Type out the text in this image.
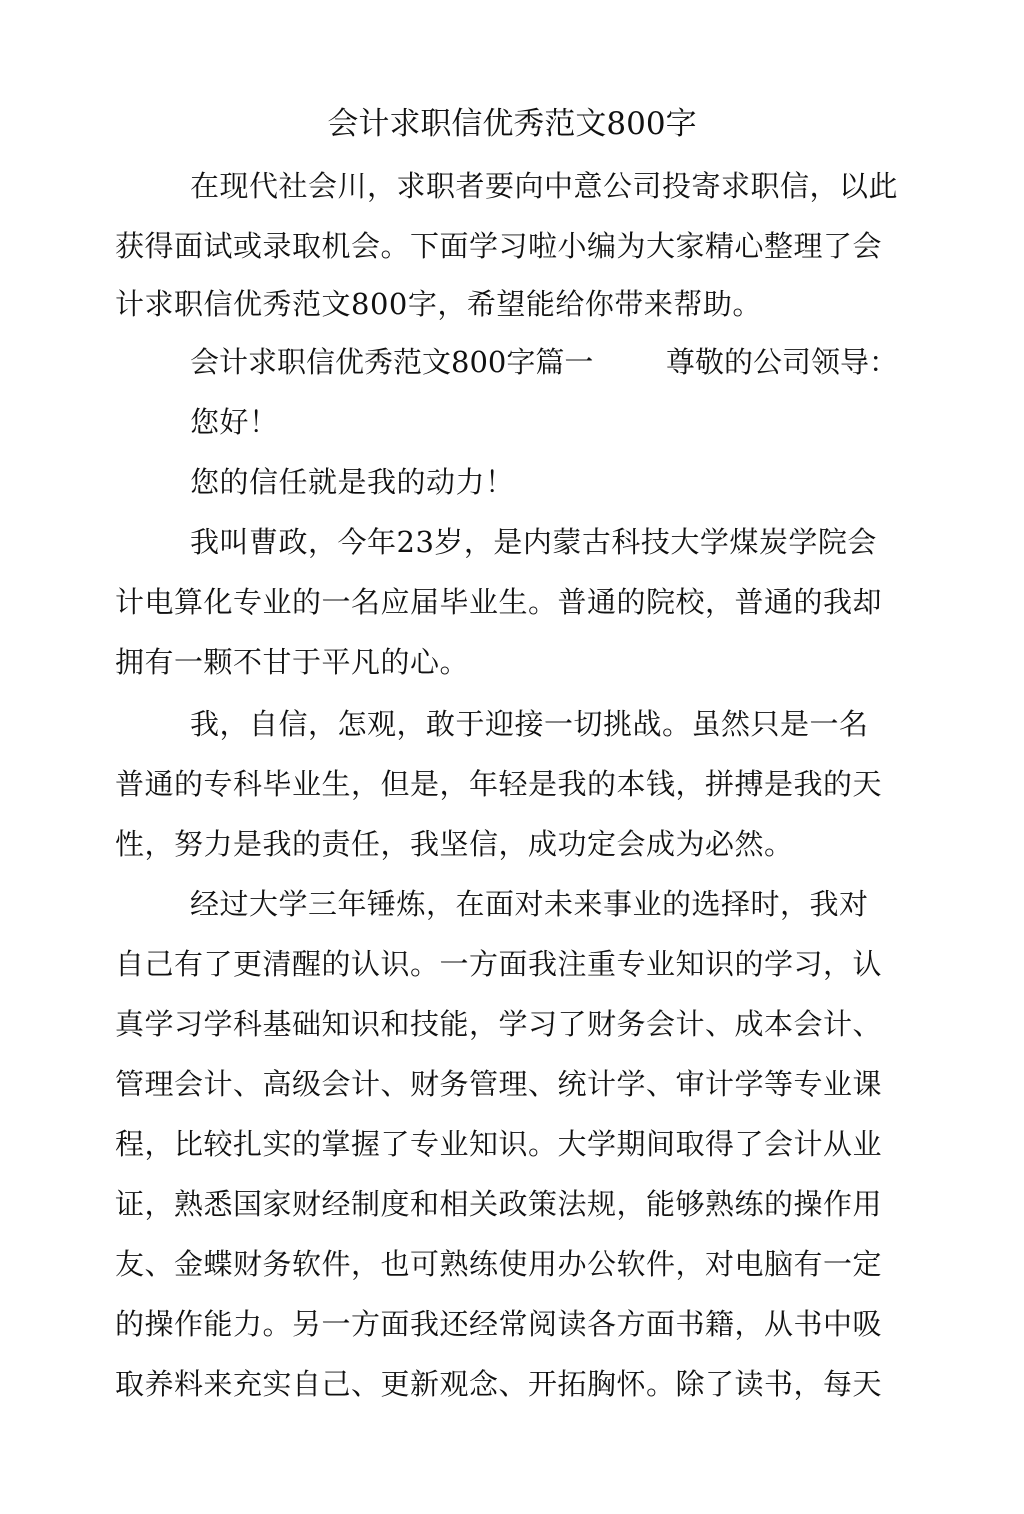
会计求职信优秀范文800字
在现代社会川，求职者要向中意公司投寄求职信，以此
获得面试或录取机会。下面学习啦小编为大家精心整理了会
计求职信优秀范文800字，希望能给你带来帮助。
会计求职信优秀范文800字篇一	尊敬的公司领导：
您好！
您的信任就是我的动力！
我叫曹政，今年23岁，是内蒙古科技大学煤炭学院会
计电算化专业的一名应届毕业生。普通的院校，普通的我却
拥有一颗不甘于平凡的心。
我，自信，怎观，敢于迎接一切挑战。虽然只是一名
普通的专科毕业生，但是，年轻是我的本钱，拼搏是我的天
性，努力是我的责任，我坚信，成功定会成为必然。
经过大学三年锤炼，在面对未来事业的选择时，我对
自己有了更清醒的认识。一方面我注重专业知识的学习，认
真学习学科基础知识和技能，学习了财务会计、成本会计、
管理会计、高级会计、财务管理、统计学、审计学等专业课
程，比较扎实的掌握了专业知识。大学期间取得了会计从业
证，熟悉国家财经制度和相关政策法规，能够熟练的操作用
友、金蝶财务软件，也可熟练使用办公软件，对电脑有一定
的操作能力。另一方面我还经常阅读各方面书籍，从书中吸
取养料来充实自己、更新观念、开拓胸怀。除了读书，每天
